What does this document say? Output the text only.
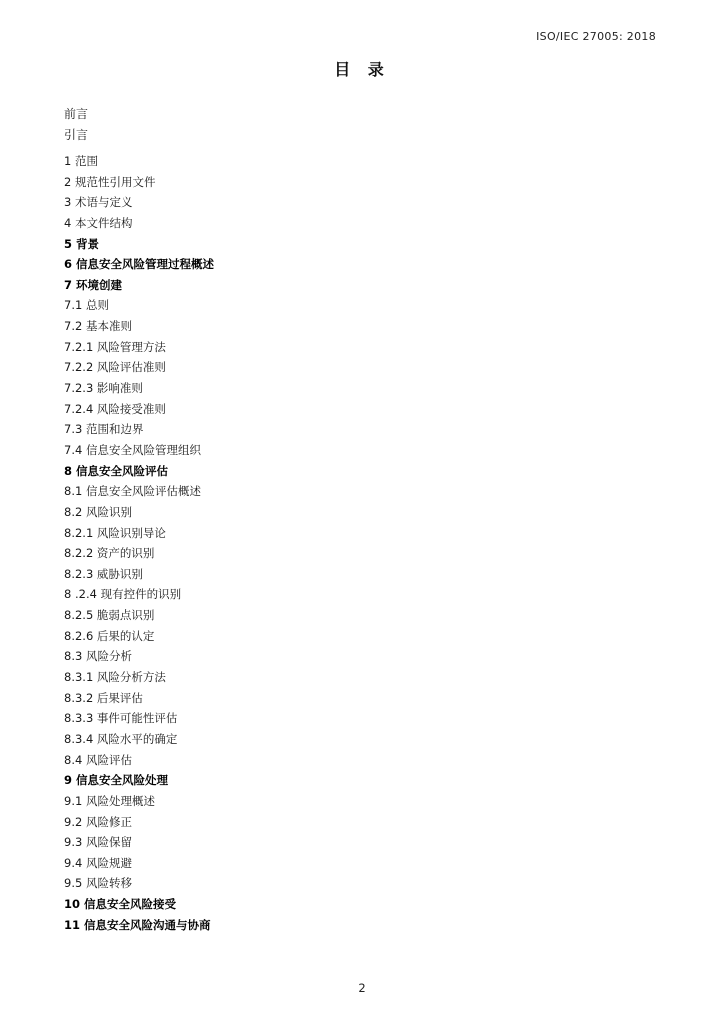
ISO/IEC 27005: 2018
目 录
前言
引言
1 范围
2 规范性引用文件
3 术语与定义
4 本文件结构
5 背景
6 信息安全风险管理过程概述
7 环境创建
7.1 总则
7.2 基本准则
7.2.1 风险管理方法
7.2.2 风险评估准则
7.2.3 影响准则
7.2.4 风险接受准则
7.3 范围和边界
7.4 信息安全风险管理组织
8 信息安全风险评估
8.1 信息安全风险评估概述
8.2 风险识别
8.2.1 风险识别导论
8.2.2 资产的识别
8.2.3 威胁识别
8 .2.4 现有控件的识别
8.2.5 脆弱点识别
8.2.6 后果的认定
8.3 风险分析
8.3.1 风险分析方法
8.3.2 后果评估
8.3.3 事件可能性评估
8.3.4 风险水平的确定
8.4 风险评估
9 信息安全风险处理
9.1 风险处理概述
9.2 风险修正
9.3 风险保留
9.4 风险规避
9.5 风险转移
10 信息安全风险接受
11 信息安全风险沟通与协商
2
